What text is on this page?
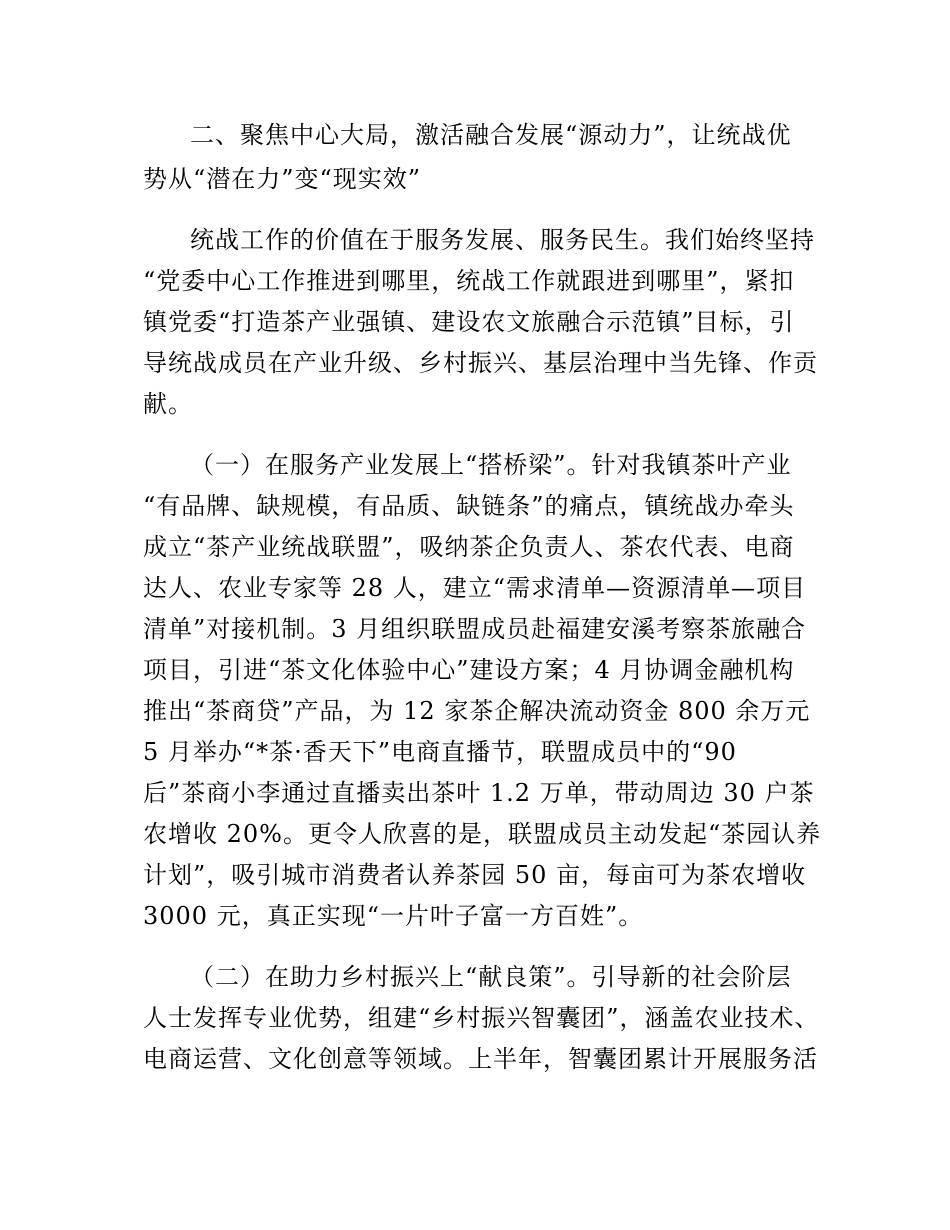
二、聚焦中心大局，激活融合发展“源动力”，让统战优
势从“潜在力”变“现实效”
统战工作的价值在于服务发展、服务民生。我们始终坚持
“党委中心工作推进到哪里，统战工作就跟进到哪里”，紧扣
镇党委“打造茶产业强镇、建设农文旅融合示范镇”目标，引
导统战成员在产业升级、乡村振兴、基层治理中当先锋、作贡
献。
（一）在服务产业发展上“搭桥梁”。针对我镇茶叶产业
“有品牌、缺规模，有品质、缺链条”的痛点，镇统战办牵头
成立“茶产业统战联盟”，吸纳茶企负责人、茶农代表、电商
达人、农业专家等 28 人，建立“需求清单—资源清单—项目
清单”对接机制。3 月组织联盟成员赴福建安溪考察茶旅融合
项目，引进“茶文化体验中心”建设方案；4 月协调金融机构
推出“茶商贷”产品，为 12 家茶企解决流动资金 800 余万元
5 月举办“*茶·香天下”电商直播节，联盟成员中的“90
后”茶商小李通过直播卖出茶叶 1.2 万单，带动周边 30 户茶
农增收 20%。更令人欣喜的是，联盟成员主动发起“茶园认养
计划”，吸引城市消费者认养茶园 50 亩，每亩可为茶农增收
3000 元，真正实现“一片叶子富一方百姓”。
（二）在助力乡村振兴上“献良策”。引导新的社会阶层
人士发挥专业优势，组建“乡村振兴智囊团”，涵盖农业技术、
电商运营、文化创意等领域。上半年，智囊团累计开展服务活
